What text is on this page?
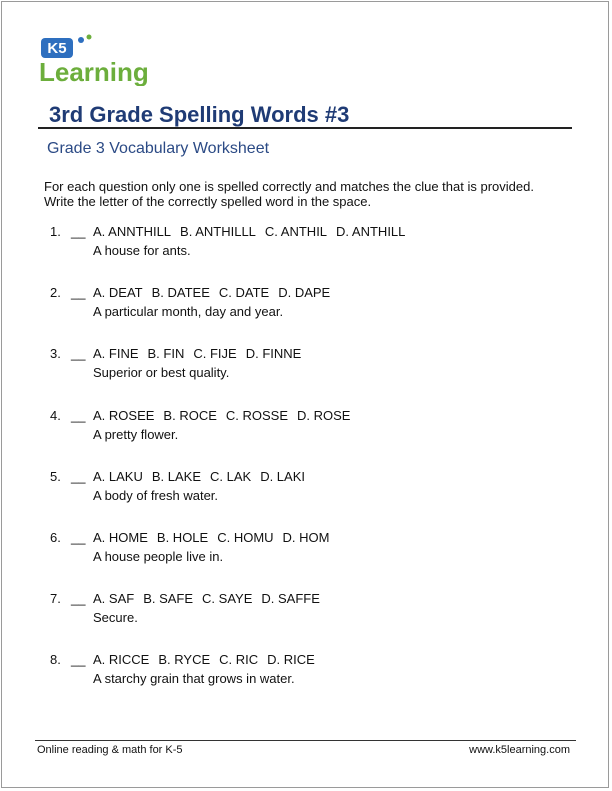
K5
Learning
3rd Grade Spelling Words #3
Grade 3 Vocabulary Worksheet
For each question only one is spelled correctly and matches the clue that is provided. Write the letter of the correctly spelled word in the space.
1. __ A. ANNTHILL B. ANTHILLL C. ANTHIL D. ANTHILL
A house for ants.
2. __ A. DEAT B. DATEE C. DATE D. DAPE
A particular month, day and year.
3. __ A. FINE B. FIN C. FIJE D. FINNE
Superior or best quality.
4. __ A. ROSEE B. ROCE C. ROSSE D. ROSE
A pretty flower.
5. __ A. LAKU B. LAKE C. LAK D. LAKI
A body of fresh water.
6. __ A. HOME B. HOLE C. HOMU D. HOM
A house people live in.
7. __ A. SAF B. SAFE C. SAYE D. SAFFE
Secure.
8. __ A. RICCE B. RYCE C. RIC D. RICE
A starchy grain that grows in water.
Online reading & math for K-5	www.k5learning.com
